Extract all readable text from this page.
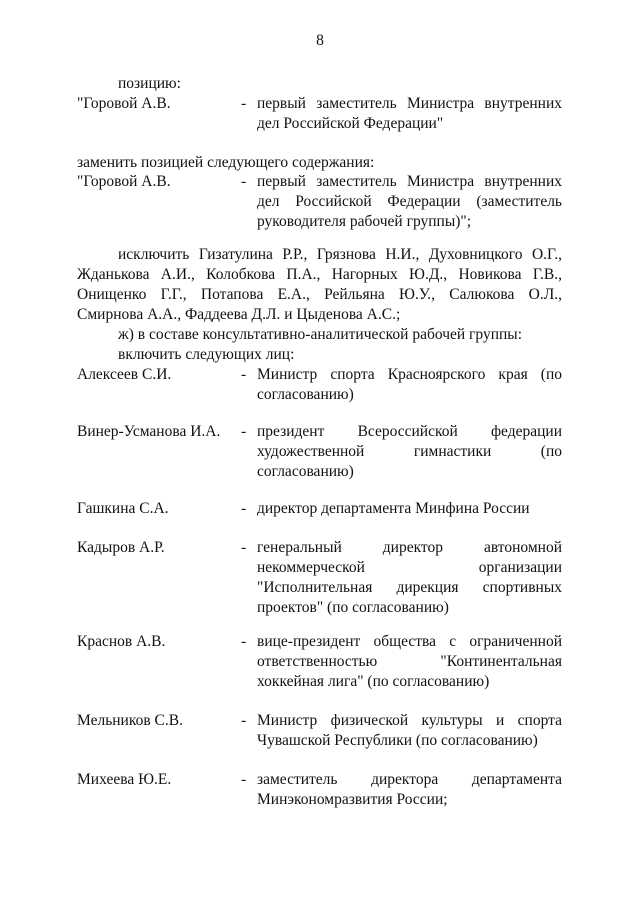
8
позицию:
"Горовой А.В.	- первый заместитель Министра внутренних
дел Российской Федерации"
заменить позицией следующего содержания:
"Горовой А.В.	- первый заместитель Министра внутренних
дел Российской Федерации (заместитель
руководителя рабочей группы)";
исключить Гизатулина Р.Р., Грязнова Н.И., Духовницкого О.Г.,
Жданькова А.И., Колобкова П.А., Нагорных Ю.Д., Новикова Г.В.,
Онищенко Г.Г., Потапова Е.А., Рейльяна Ю.У., Салюкова О.Л.,
Смирнова А.А., Фаддеева Д.Л. и Цыденова А.С.;
ж) в составе консультативно-аналитической рабочей группы:
включить следующих лиц:
Алексеев С.И.	- Министр спорта Красноярского края (по
согласованию)
Винер-Усманова И.А. - президент Всероссийской федерации
художественной гимнастики (по
согласованию)
Гашкина С.А.	- директор департамента Минфина России
Кадыров А.Р.	- генеральный директор автономной
некоммерческой организации
"Исполнительная дирекция спортивных
проектов" (по согласованию)
Краснов А.В.	- вице-президент общества с ограниченной
ответственностью "Континентальная
хоккейная лига" (по согласованию)
Мельников С.В.	- Министр физической культуры и спорта
Чувашской Республики (по согласованию)
Михеева Ю.Е.	- заместитель директора департамента
Минэкономразвития России;
